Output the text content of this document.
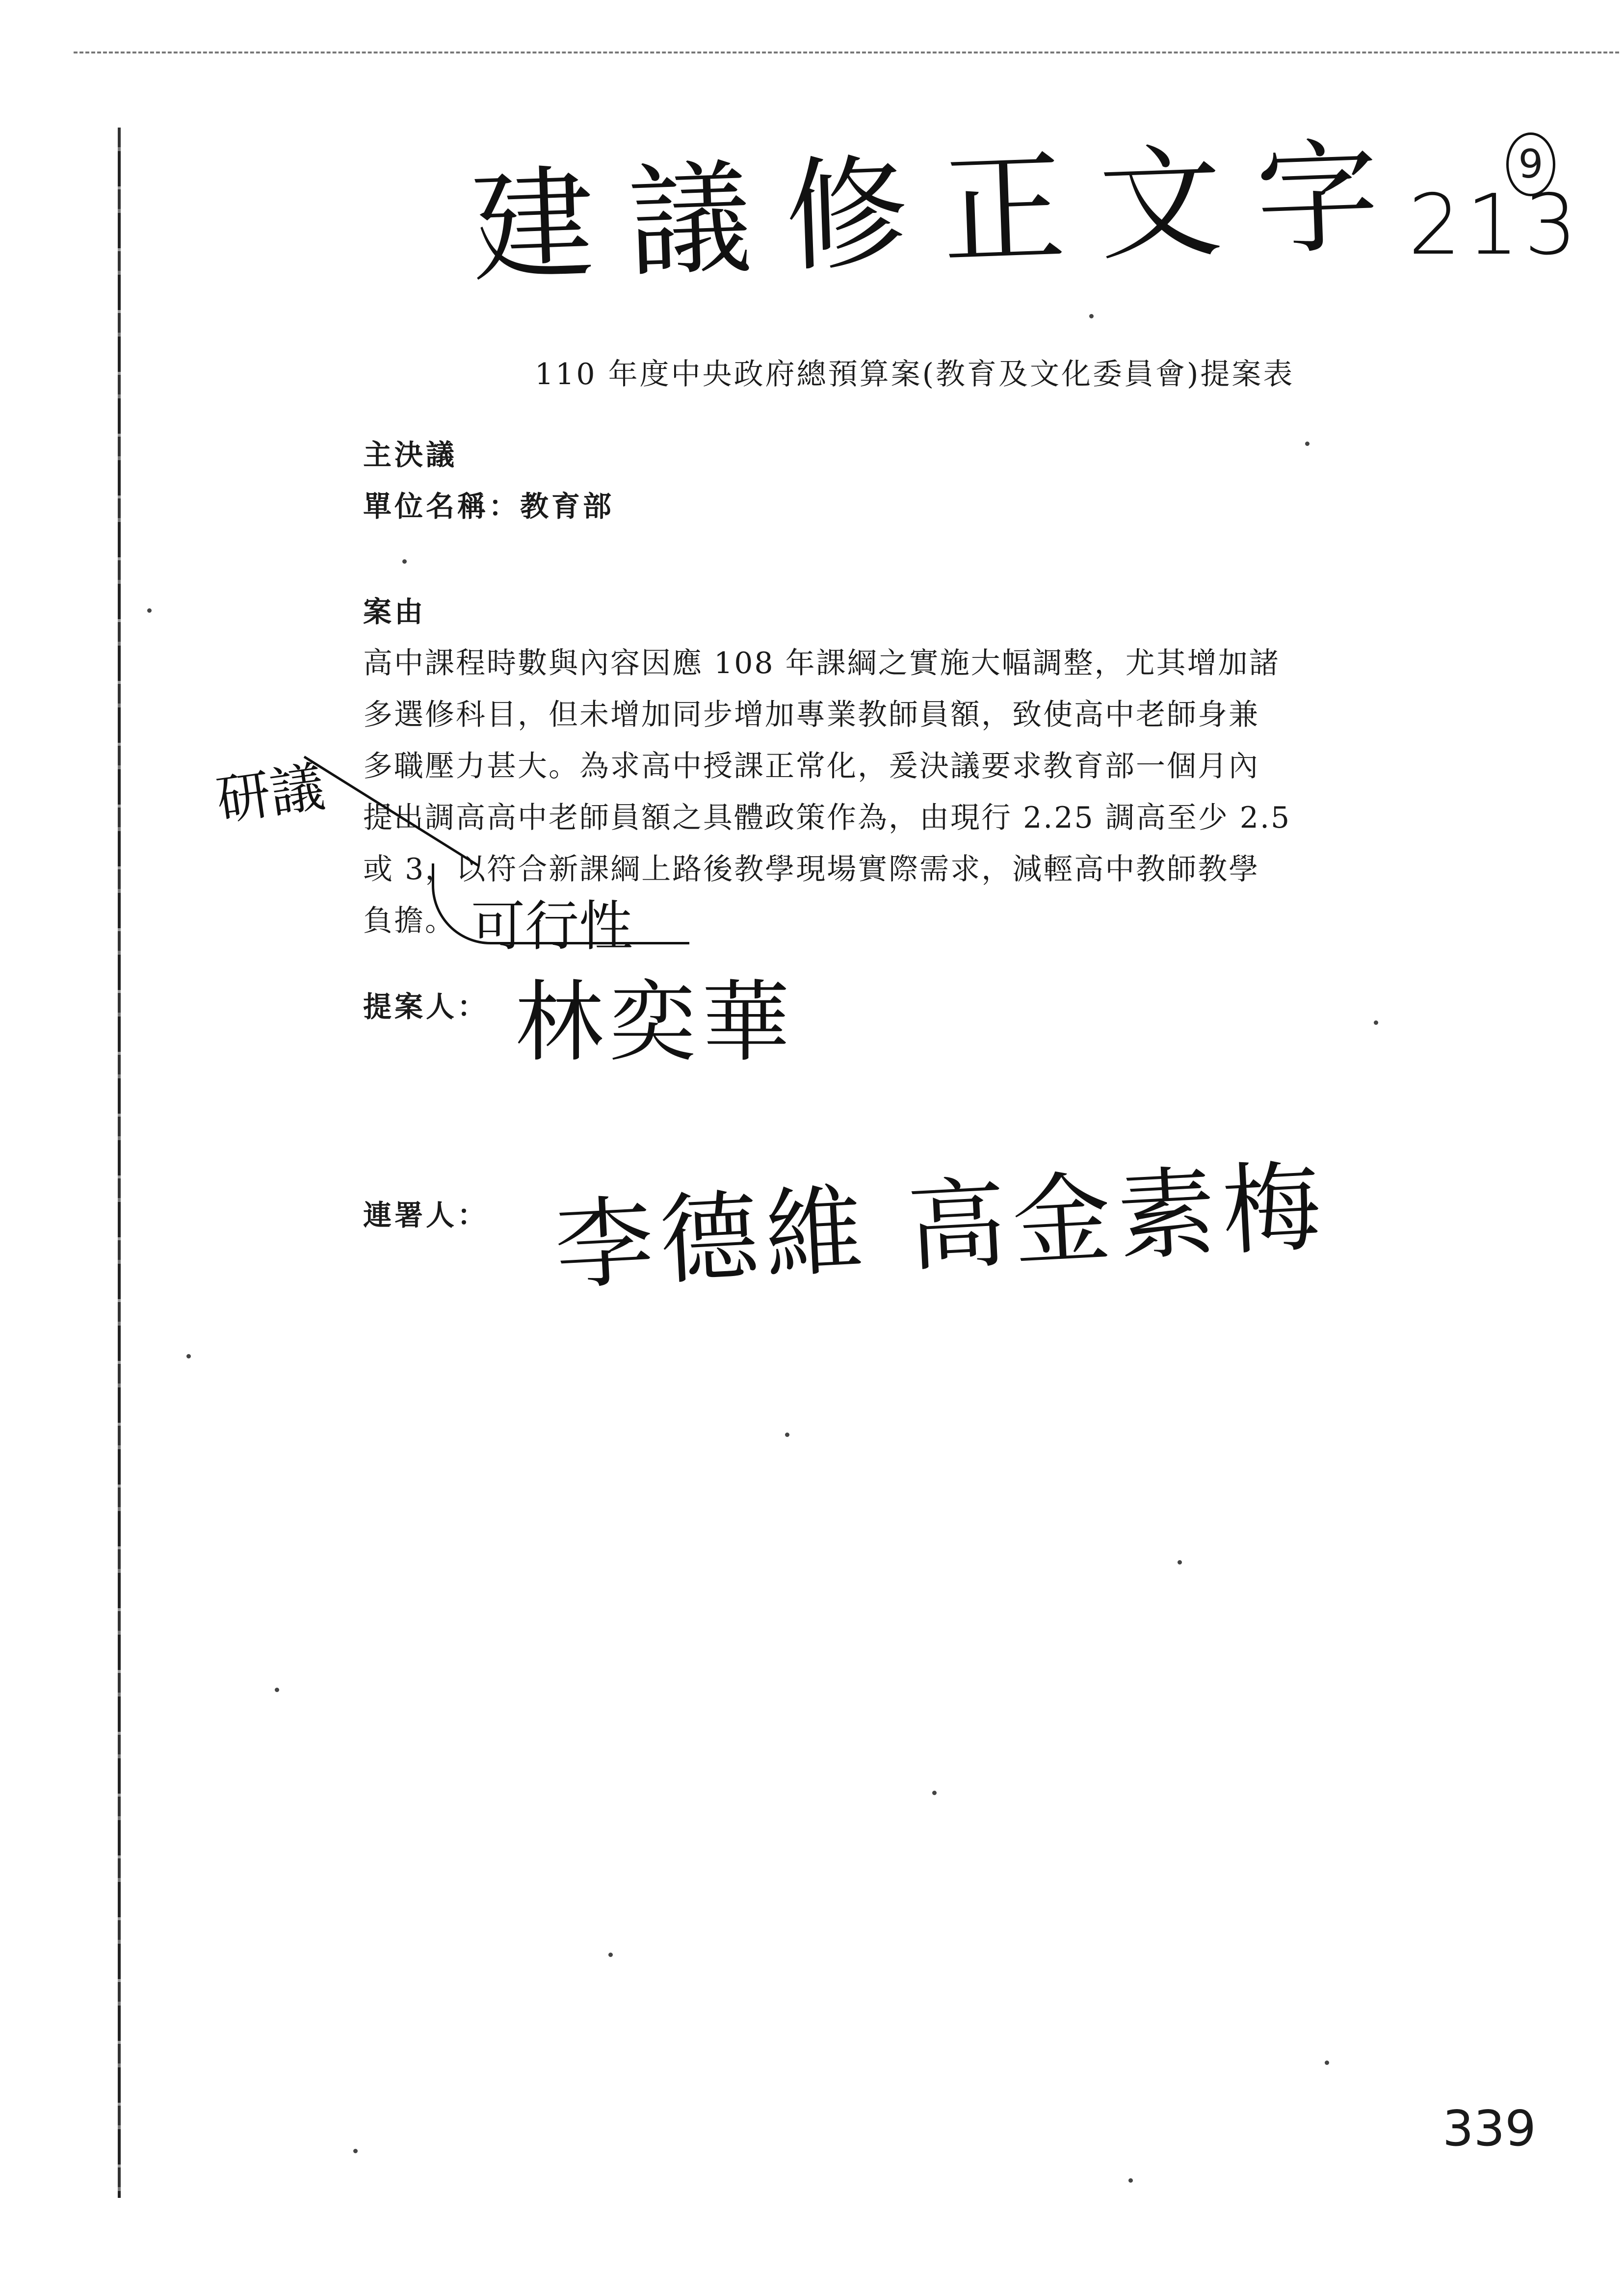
建議修正文字
213
9
110 年度中央政府總預算案(教育及文化委員會)提案表
主決議
單位名稱：教育部
案由
高中課程時數與內容因應 108 年課綱之實施大幅調整，尤其增加諸
多選修科目，但未增加同步增加專業教師員額，致使高中老師身兼
多職壓力甚大。為求高中授課正常化，爰決議要求教育部一個月內
提出調高高中老師員額之具體政策作為，由現行 2.25 調高至少 2.5
或 3，以符合新課綱上路後教學現場實際需求，減輕高中教師教學
負擔。
研議
可行性
提案人： 林奕華
連署人： 李德維 高金素梅
339
